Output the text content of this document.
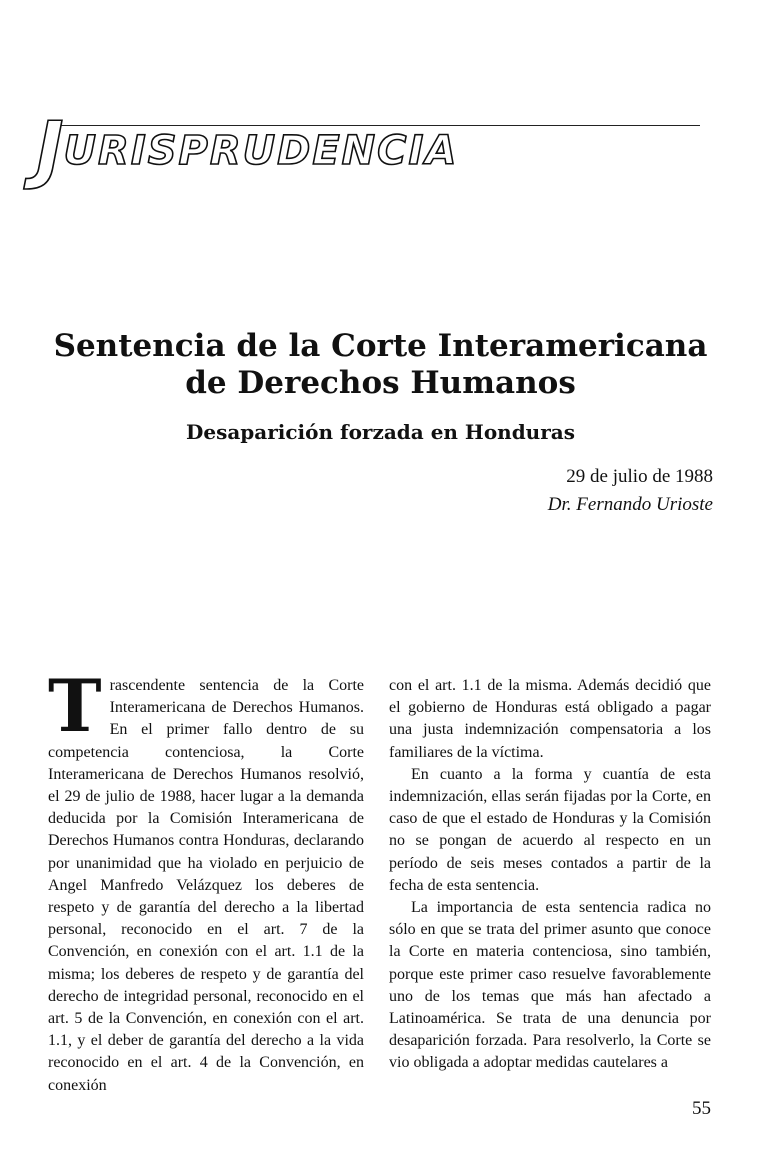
JURISPRUDENCIA
Sentencia de la Corte Interamericana
de Derechos Humanos
Desaparición forzada en Honduras
29 de julio de 1988
Dr. Fernando Urioste

Trascendente sentencia de la Corte Interamericana de Derechos Humanos. En el primer fallo dentro de su competencia contenciosa, la Corte Interamericana de Derechos Humanos resolvió, el 29 de julio de 1988, hacer lugar a la demanda deducida por la Comisión Interamericana de Derechos Humanos contra Honduras, declarando por unanimidad que ha violado en perjuicio de Angel Manfredo Velázquez los deberes de respeto y de garantía del derecho a la libertad personal, reconocido en el art. 7 de la Convención, en conexión con el art. 1.1 de la misma; los deberes de respeto y de garantía del derecho de integridad personal, reconocido en el art. 5 de la Convención, en conexión con el art. 1.1, y el deber de garantía del derecho a la vida reconocido en el art. 4 de la Convención, en conexión

con el art. 1.1 de la misma. Además decidió que el gobierno de Honduras está obligado a pagar una justa indemnización compensatoria a los familiares de la víctima.

En cuanto a la forma y cuantía de esta indemnización, ellas serán fijadas por la Corte, en caso de que el estado de Honduras y la Comisión no se pongan de acuerdo al respecto en un período de seis meses contados a partir de la fecha de esta sentencia.

La importancia de esta sentencia radica no sólo en que se trata del primer asunto que conoce la Corte en materia contenciosa, sino también, porque este primer caso resuelve favorablemente uno de los temas que más han afectado a Latinoamérica. Se trata de una denuncia por desaparición forzada. Para resolverlo, la Corte se vio obligada a adoptar medidas cautelares a

55
